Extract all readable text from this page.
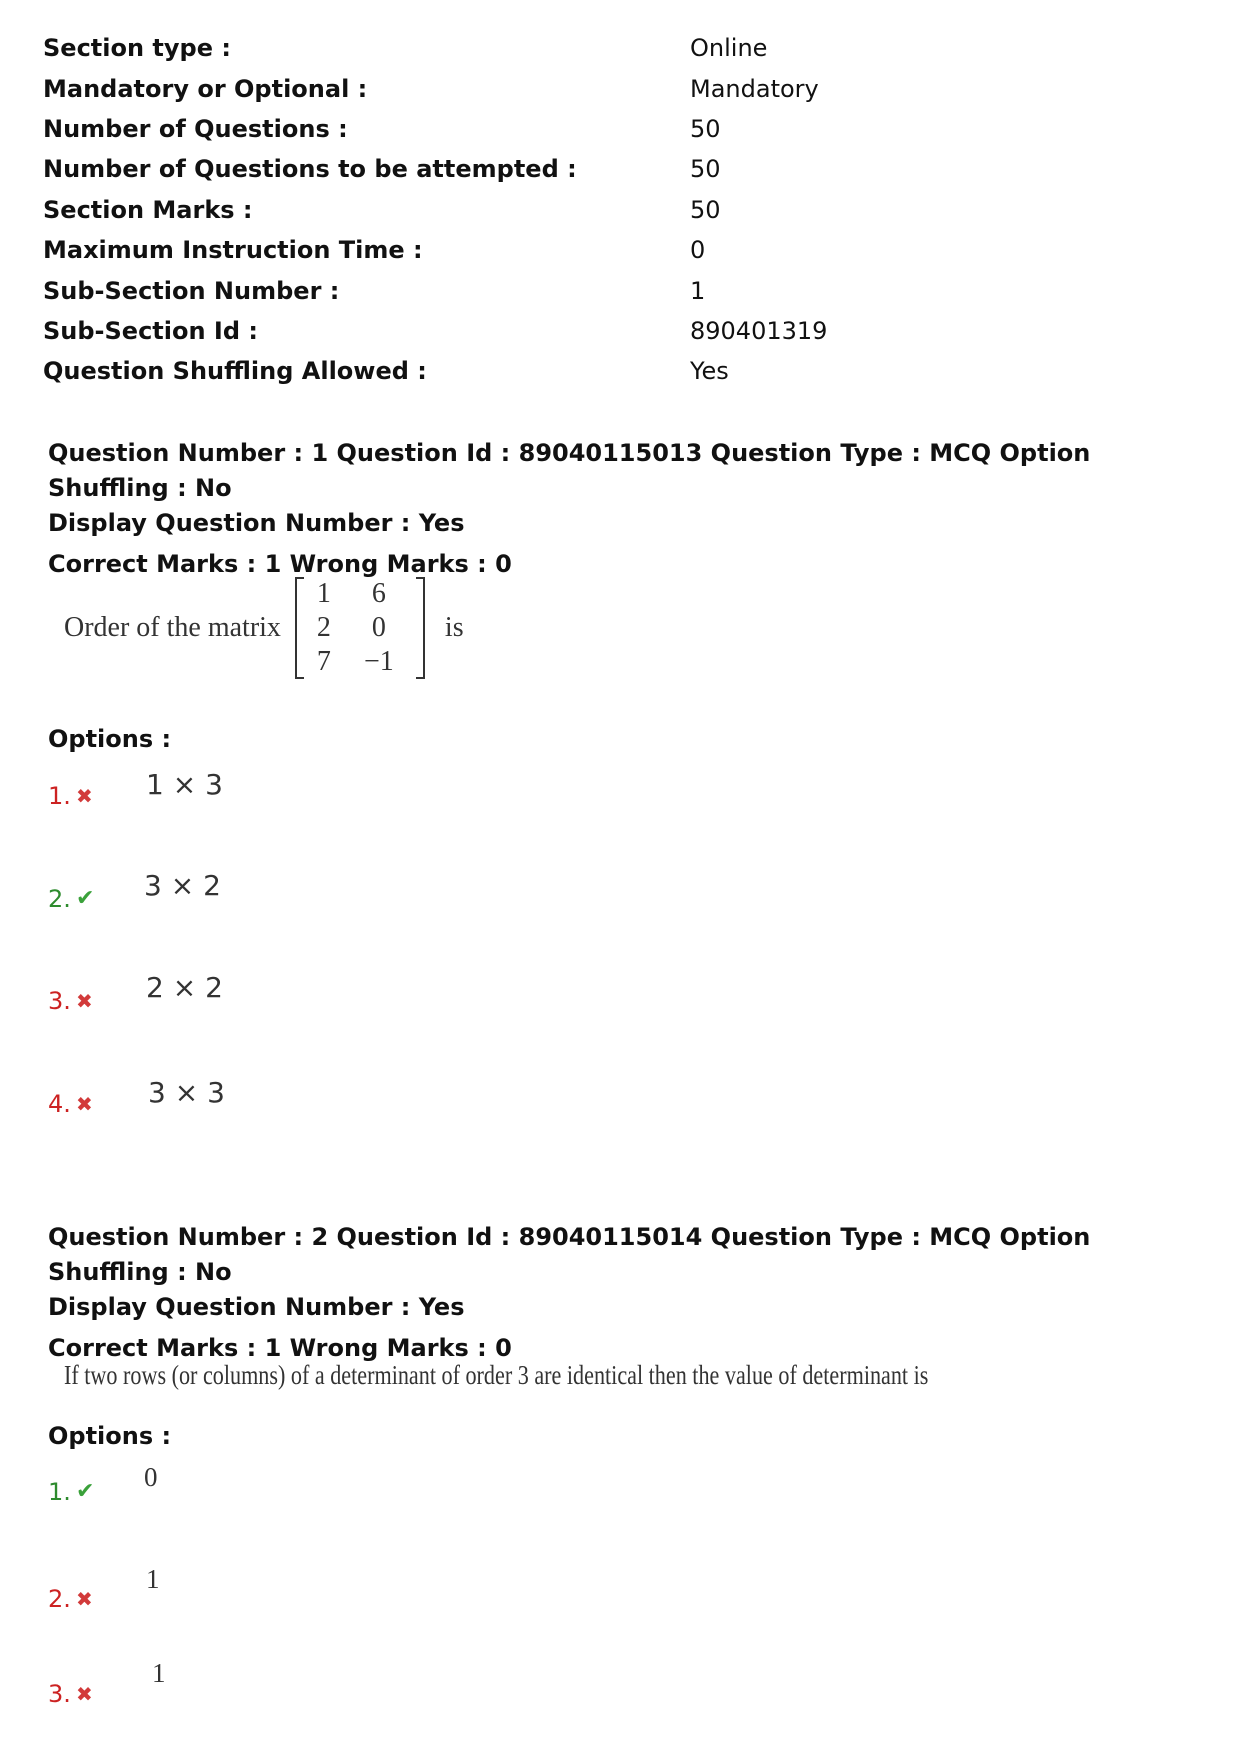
Section type :	Online
Mandatory or Optional :	Mandatory
Number of Questions :	50
Number of Questions to be attempted :	50
Section Marks :	50
Maximum Instruction Time :	0
Sub-Section Number :	1
Sub-Section Id :	890401319
Question Shuffling Allowed :	Yes
Question Number : 1 Question Id : 89040115013 Question Type : MCQ Option Shuffling : No
Display Question Number : Yes
Correct Marks : 1 Wrong Marks : 0
Order of the matrix
1	6
2	0
7	−1
is
Options :
1. ✖	1 × 3
2. ✔	3 × 2
3. ✖	2 × 2
4. ✖	3 × 3
Question Number : 2 Question Id : 89040115014 Question Type : MCQ Option Shuffling : No
Display Question Number : Yes
Correct Marks : 1 Wrong Marks : 0
If two rows (or columns) of a determinant of order 3 are identical then the value of determinant is
Options :
1. ✔	0
2. ✖
1
3. ✖
1
